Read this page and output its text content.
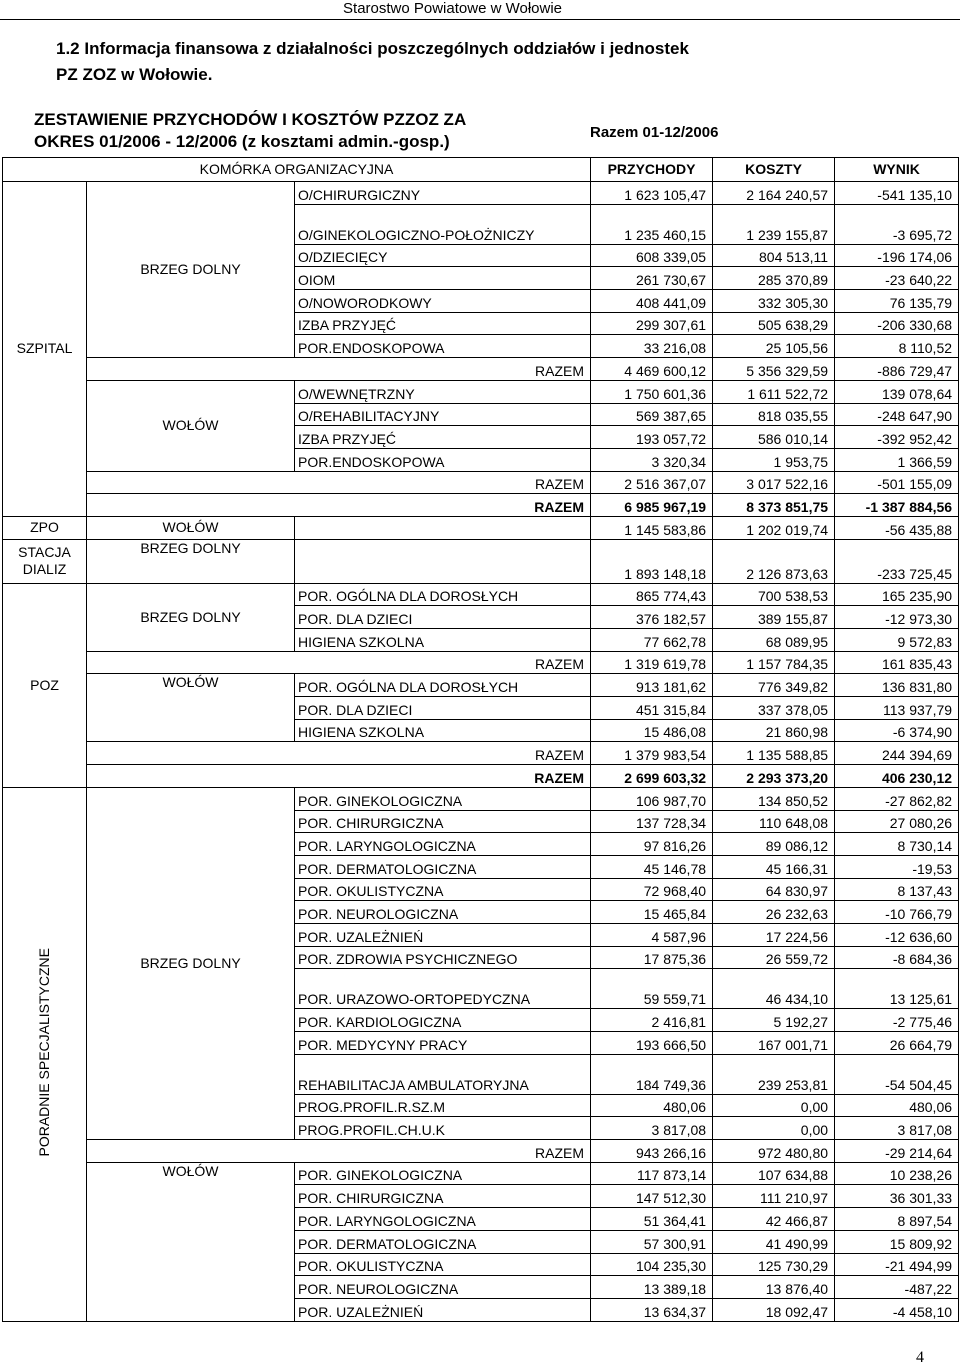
Starostwo Powiatowe w Wołowie
1.2 Informacja finansowa z działalności poszczególnych oddziałów i jednostek
PZ ZOZ w Wołowie.
ZESTAWIENIE PRZYCHODÓW I KOSZTÓW PZZOZ ZA
OKRES 01/2006 - 12/2006 (z kosztami admin.-gosp.)	Razem 01-12/2006
KOMÓRKA ORGANIZACYJNA			PRZYCHODY	KOSZTY	WYNIK
SZPITAL	BRZEG DOLNY	O/CHIRURGICZNY	1 623 105,47	2 164 240,57	-541 135,10
		O/GINEKOLOGICZNO-POŁOŻNICZY	1 235 460,15	1 239 155,87	-3 695,72
		O/DZIECIĘCY	608 339,05	804 513,11	-196 174,06
		OIOM	261 730,67	285 370,89	-23 640,22
		O/NOWORODKOWY	408 441,09	332 305,30	76 135,79
		IZBA PRZYJĘĆ	299 307,61	505 638,29	-206 330,68
		POR.ENDOSKOPOWA	33 216,08	25 105,56	8 110,52
	RAZEM		4 469 600,12	5 356 329,59	-886 729,47
	WOŁÓW	O/WEWNĘTRZNY	1 750 601,36	1 611 522,72	139 078,64
		O/REHABILITACYJNY	569 387,65	818 035,55	-248 647,90
		IZBA PRZYJĘĆ	193 057,72	586 010,14	-392 952,42
		POR.ENDOSKOPOWA	3 320,34	1 953,75	1 366,59
	RAZEM		2 516 367,07	3 017 522,16	-501 155,09
	RAZEM		6 985 967,19	8 373 851,75	-1 387 884,56
ZPO	WOŁÓW		1 145 583,86	1 202 019,74	-56 435,88
STACJA DIALIZ	BRZEG DOLNY		1 893 148,18	2 126 873,63	-233 725,45
POZ	BRZEG DOLNY	POR. OGÓLNA DLA DOROSŁYCH	865 774,43	700 538,53	165 235,90
		POR. DLA DZIECI	376 182,57	389 155,87	-12 973,30
		HIGIENA SZKOLNA	77 662,78	68 089,95	9 572,83
	RAZEM		1 319 619,78	1 157 784,35	161 835,43
	WOŁÓW	POR. OGÓLNA DLA DOROSŁYCH	913 181,62	776 349,82	136 831,80
		POR. DLA DZIECI	451 315,84	337 378,05	113 937,79
		HIGIENA SZKOLNA	15 486,08	21 860,98	-6 374,90
	RAZEM		1 379 983,54	1 135 588,85	244 394,69
	RAZEM		2 699 603,32	2 293 373,20	406 230,12
PORADNIE SPECJALISTYCZNE	BRZEG DOLNY	POR. GINEKOLOGICZNA	106 987,70	134 850,52	-27 862,82
		POR. CHIRURGICZNA	137 728,34	110 648,08	27 080,26
		POR. LARYNGOLOGICZNA	97 816,26	89 086,12	8 730,14
		POR. DERMATOLOGICZNA	45 146,78	45 166,31	-19,53
		POR. OKULISTYCZNA	72 968,40	64 830,97	8 137,43
		POR. NEUROLOGICZNA	15 465,84	26 232,63	-10 766,79
		POR. UZALEŻNIEŃ	4 587,96	17 224,56	-12 636,60
		POR. ZDROWIA PSYCHICZNEGO	17 875,36	26 559,72	-8 684,36
		POR. URAZOWO-ORTOPEDYCZNA	59 559,71	46 434,10	13 125,61
		POR. KARDIOLOGICZNA	2 416,81	5 192,27	-2 775,46
		POR. MEDYCYNY PRACY	193 666,50	167 001,71	26 664,79
		REHABILITACJA AMBULATORYJNA	184 749,36	239 253,81	-54 504,45
		PROG.PROFIL.R.SZ.M	480,06	0,00	480,06
		PROG.PROFIL.CH.U.K	3 817,08	0,00	3 817,08
	RAZEM		943 266,16	972 480,80	-29 214,64
	WOŁÓW	POR. GINEKOLOGICZNA	117 873,14	107 634,88	10 238,26
		POR. CHIRURGICZNA	147 512,30	111 210,97	36 301,33
		POR. LARYNGOLOGICZNA	51 364,41	42 466,87	8 897,54
		POR. DERMATOLOGICZNA	57 300,91	41 490,99	15 809,92
		POR. OKULISTYCZNA	104 235,30	125 730,29	-21 494,99
		POR. NEUROLOGICZNA	13 389,18	13 876,40	-487,22
		POR. UZALEŻNIEŃ	13 634,37	18 092,47	-4 458,10
4
